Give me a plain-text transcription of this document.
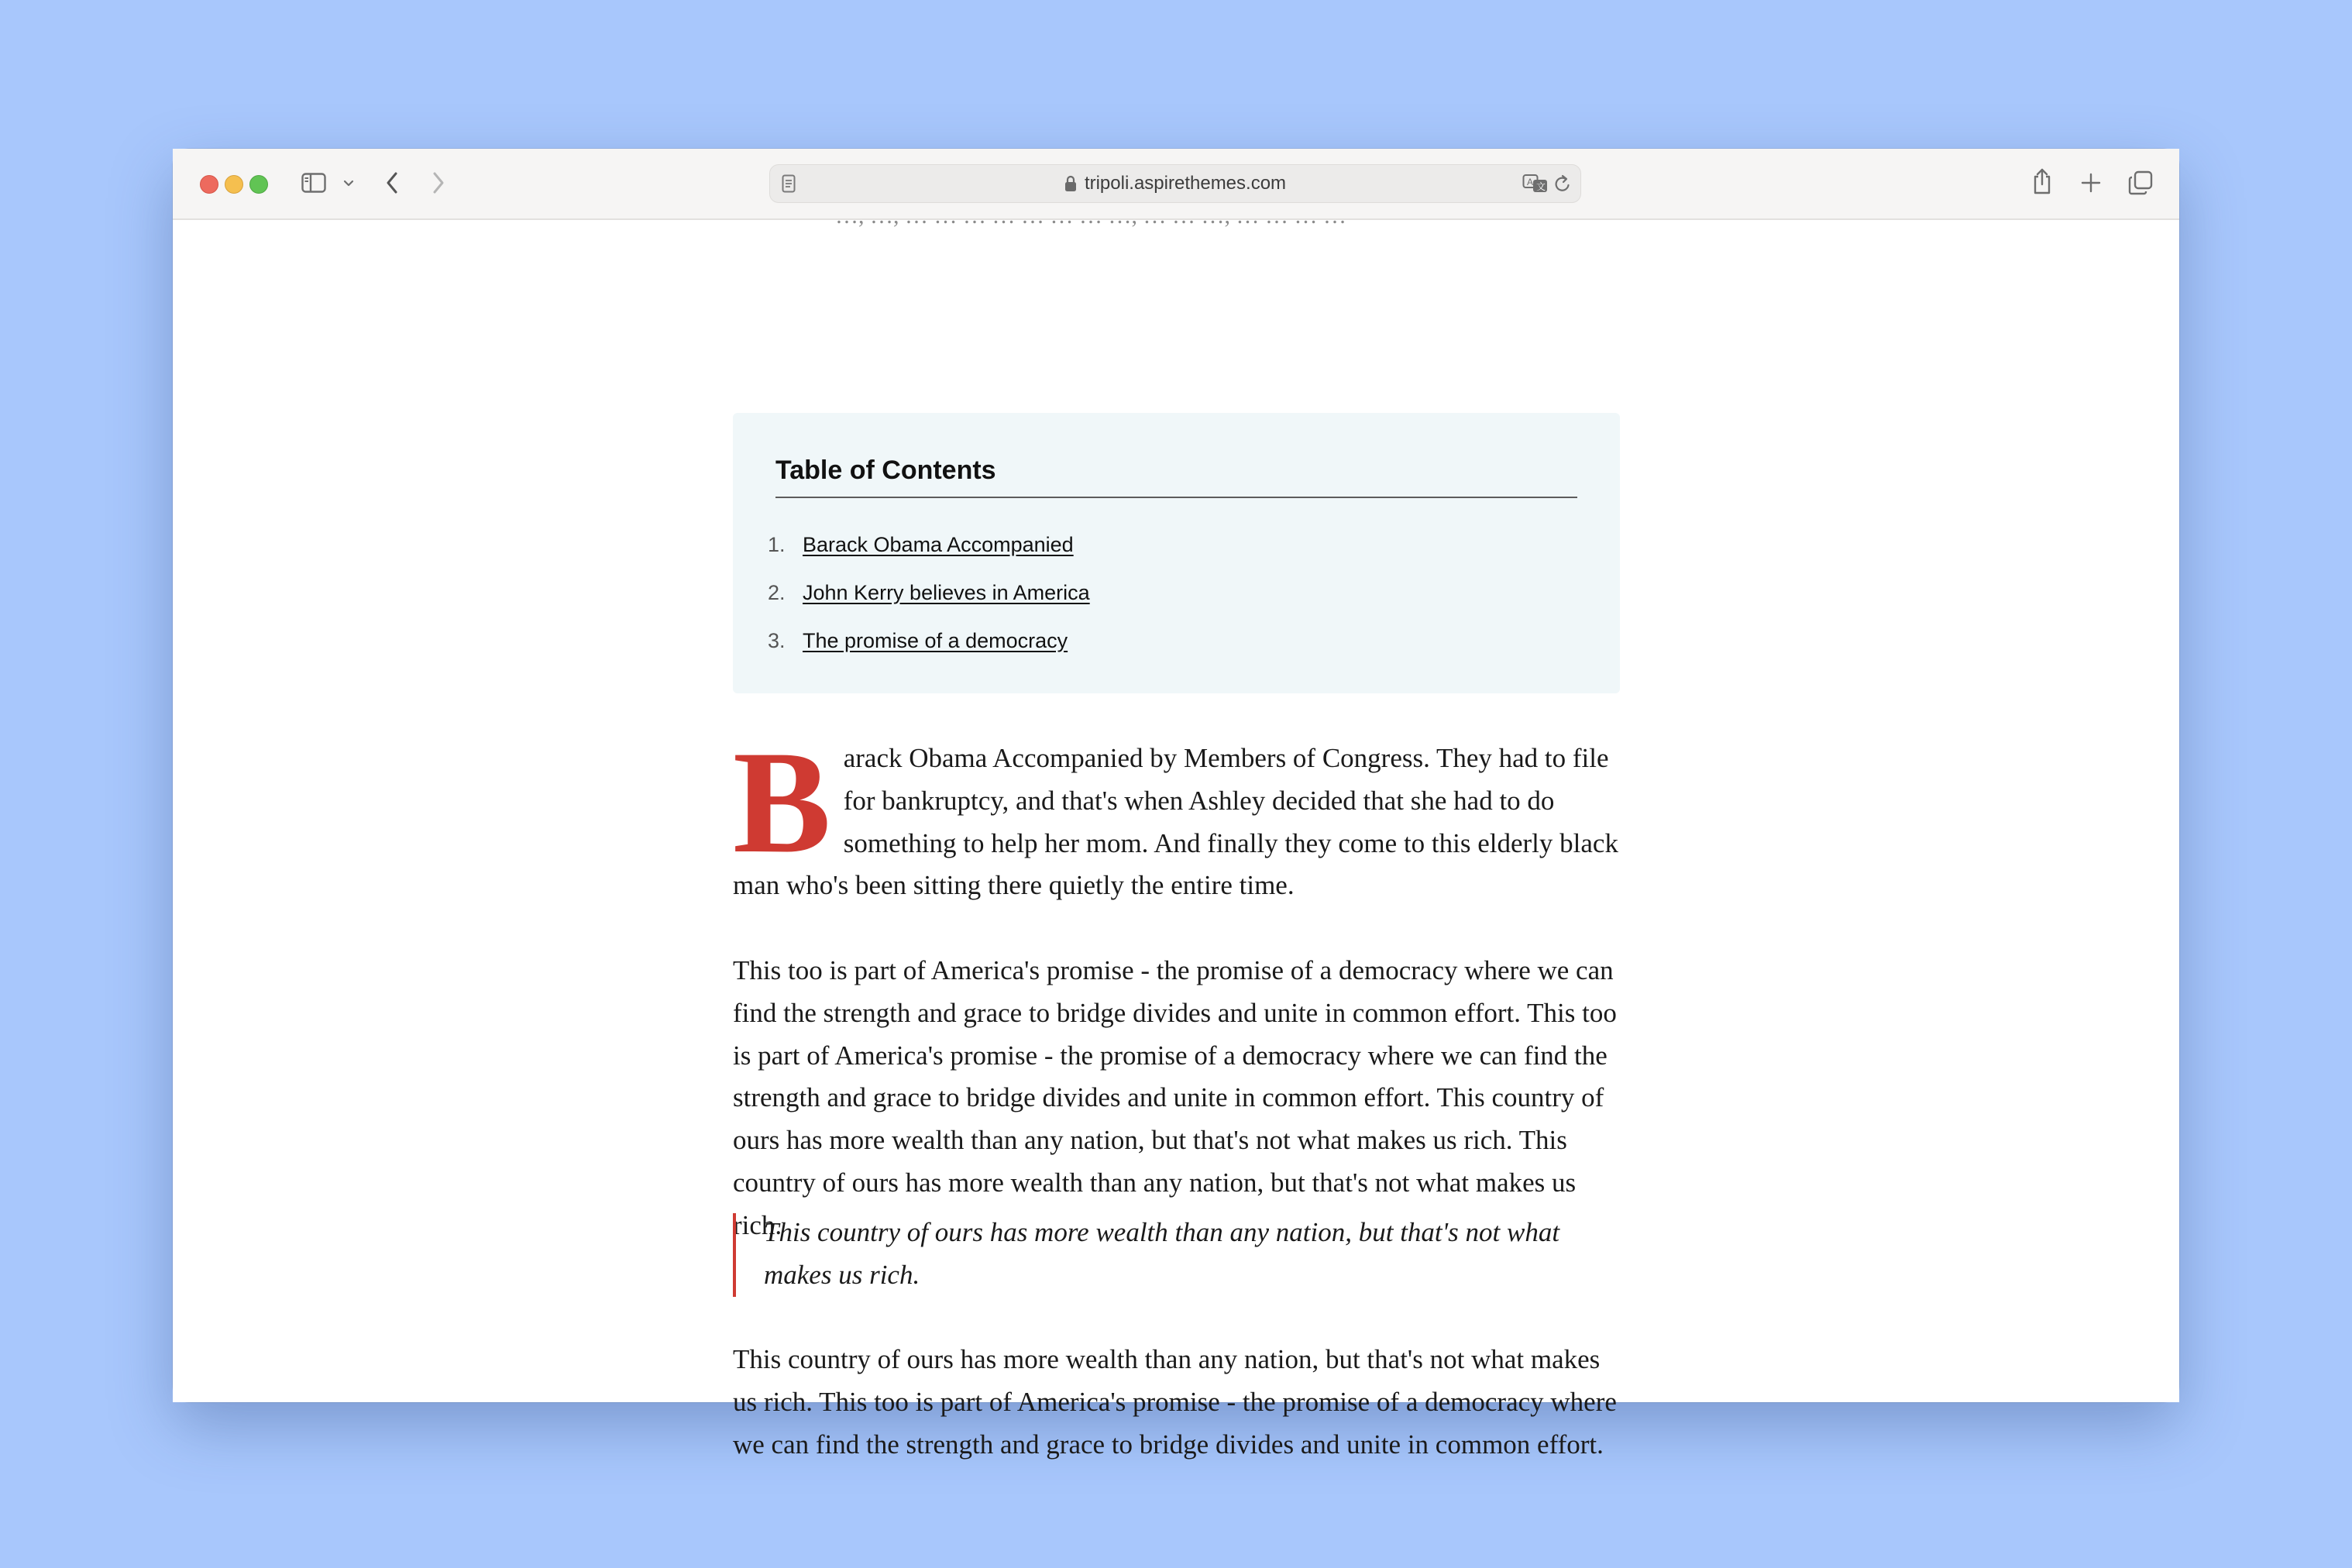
tripoli.aspirethemes.com	A 文
…, …, … … … … … … … …, … … …, … … … …
Table of Contents
1. Barack Obama Accompanied
2. John Kerry believes in America
3. The promise of a democracy
B arack Obama Accompanied by Members of Congress. They had to file for bankruptcy, and that's when Ashley decided that she had to do something to help her mom. And finally they come to this elderly black man who's been sitting there quietly the entire time.
This too is part of America's promise - the promise of a democracy where we can find the strength and grace to bridge divides and unite in common effort. This too is part of America's promise - the promise of a democracy where we can find the strength and grace to bridge divides and unite in common effort. This country of ours has more wealth than any nation, but that's not what makes us rich. This country of ours has more wealth than any nation, but that's not what makes us rich.
This country of ours has more wealth than any nation, but that's not what makes us rich.
This country of ours has more wealth than any nation, but that's not what makes us rich. This too is part of America's promise - the promise of a democracy where we can find the strength and grace to bridge divides and unite in common effort.
